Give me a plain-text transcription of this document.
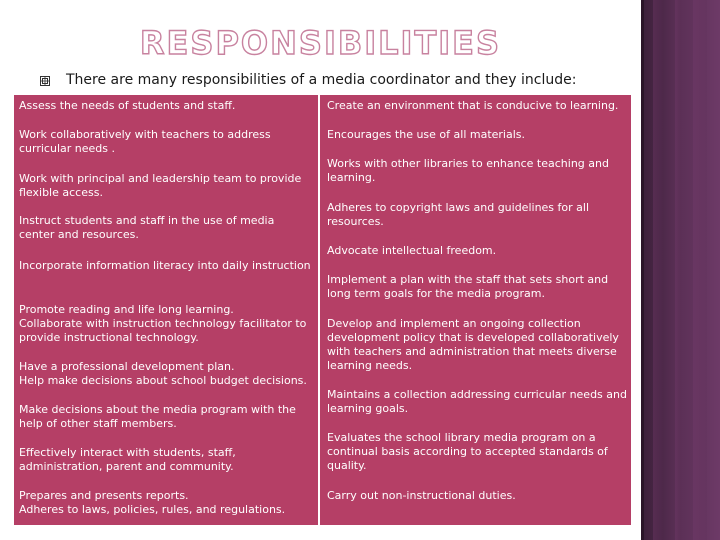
RESPONSIBILITIES
There are many responsibilities of a media coordinator and they include:
Assess the needs of students and staff.
Work collaboratively with teachers to address curricular needs .
Work with principal and leadership team to provide flexible access.
Instruct students and staff in the use of media center and resources.
Incorporate information literacy into daily instruction
Promote reading and life long learning.
Collaborate with instruction technology facilitator to provide instructional technology.
Have a professional development plan.
Help make decisions about school budget decisions.
Make decisions about the media program with the help of other staff members.
Effectively interact with students, staff, administration, parent and community.
Prepares and presents reports.
Adheres to laws, policies, rules, and regulations.
Create an environment that is conducive to learning.
Encourages the use of all materials.
Works with other libraries to enhance teaching and learning.
Adheres to copyright laws and guidelines for all resources.
Advocate intellectual freedom.
Implement a plan with the staff that sets short and long term goals for the media program.
Develop and implement an ongoing collection development policy that is developed collaboratively with teachers and administration that meets diverse learning needs.
Maintains a collection addressing curricular needs and learning goals.
Evaluates the school library media program on a continual basis according to accepted standards of quality.
Carry out non-instructional duties.
